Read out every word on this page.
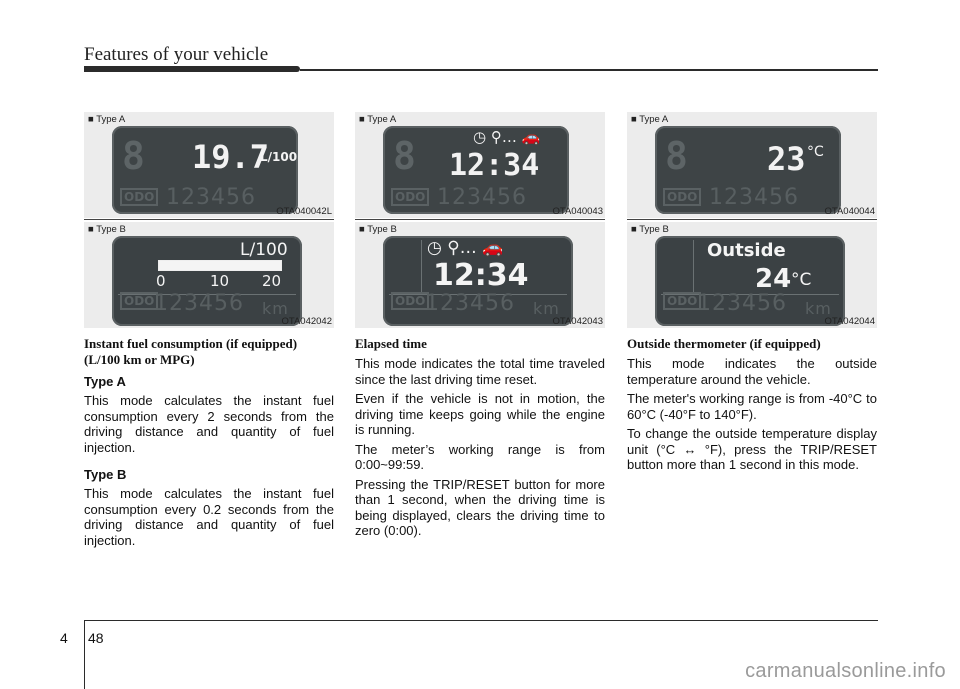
Features of your vehicle
■ Type A
8 19.7
L/100
ODO 123456
OTA040042L
■ Type B
L/100
0	10 20
ODO 123456 km
OTA042042
Instant fuel consumption (if equipped) (L/100 km or MPG)
Type A
This mode calculates the instant fuel consumption every 2 seconds from the driving distance and quantity of fuel injection.
Type B
This mode calculates the instant fuel consumption every 0.2 seconds from the driving distance and quantity of fuel injection.
■ Type A
◷ ⚲… 🚗
8 12:34
ODO 123456
OTA040043
■ Type B
◷ ⚲… 🚗
12:34
ODO 123456 km
OTA042043
Elapsed time
This mode indicates the total time traveled since the last driving time reset.
Even if the vehicle is not in motion, the driving time keeps going while the engine is running.
The meter’s working range is from 0:00~99:59.
Pressing the TRIP/RESET button for more than 1 second, when the driving time is being displayed, clears the driving time to zero (0:00).
■ Type A
8 23 °C
ODO 123456
OTA040044
■ Type B
Outside
24 °C
ODO 123456 km
OTA042044
Outside thermometer (if equipped)
This mode indicates the outside temperature around the vehicle.
The meter's working range is from -40°C to 60°C (-40°F to 140°F).
To change the outside temperature display unit (°C ↔ °F), press the TRIP/RESET button more than 1 second in this mode.
4 48
carmanualsonline.info
